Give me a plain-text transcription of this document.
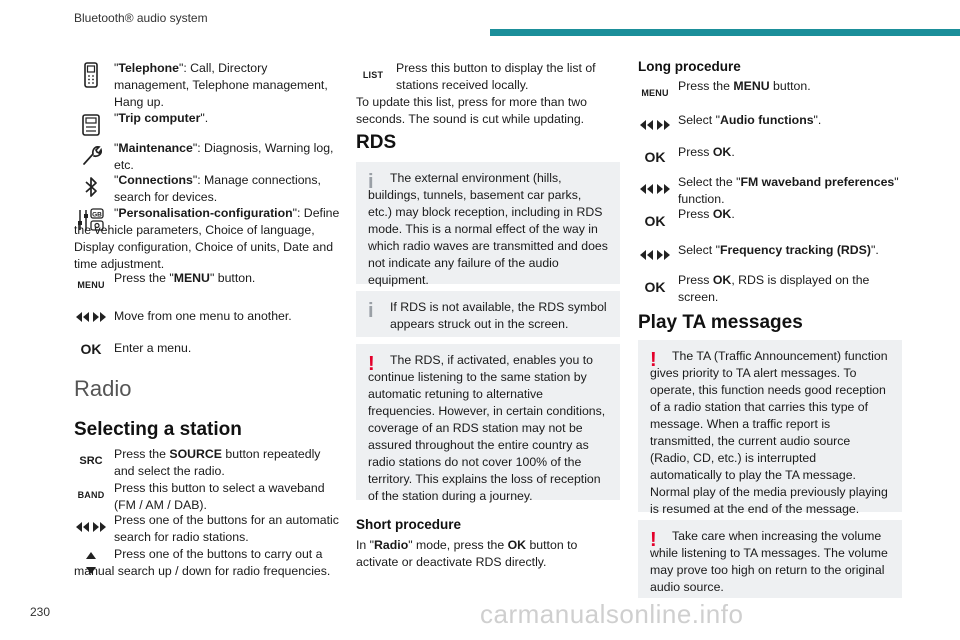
Bluetooth® audio system
"Telephone": Call, Directory management, Telephone management, Hang up.
"Trip computer".
"Maintenance": Diagnosis, Warning log, etc.
"Connections": Manage connections, search for devices.
GB "Personalisation-configuration": Define the vehicle parameters, Choice of language, Display configuration, Choice of units, Date and time adjustment.
MENU Press the "MENU" button.
Move from one menu to another.
OK Enter a menu.
Radio
Selecting a station
SRC Press the SOURCE button repeatedly and select the radio.
BAND Press this button to select a waveband (FM / AM / DAB).
Press one of the buttons for an automatic search for radio stations.
Press one of the buttons to carry out a manual search up / down for radio frequencies.
LIST Press this button to display the list of stations received locally.
To update this list, press for more than two seconds. The sound is cut while updating.
RDS
i	The external environment (hills, buildings, tunnels, basement car parks, etc.) may block reception, including in RDS mode. This is a normal effect of the way in which radio waves are transmitted and does not indicate any failure of the audio equipment.

i	If RDS is not available, the RDS symbol appears struck out in the screen.

!	The RDS, if activated, enables you to continue listening to the same station by automatic retuning to alternative frequencies. However, in certain conditions, coverage of an RDS station may not be assured throughout the entire country as radio stations do not cover 100% of the territory. This explains the loss of reception of the station during a journey.

Short procedure
In "Radio" mode, press the OK button to activate or deactivate RDS directly.
Long procedure
MENU Press the MENU button.
Select "Audio functions".
OK Press OK.
Select the "FM waveband preferences" function.
OK Press OK.
Select "Frequency tracking (RDS)".
OK Press OK, RDS is displayed on the screen.
Play TA messages
!	The TA (Traffic Announcement) function gives priority to TA alert messages. To operate, this function needs good reception of a radio station that carries this type of message. When a traffic report is transmitted, the current audio source (Radio, CD, etc.) is interrupted automatically to play the TA message. Normal play of the media previously playing is resumed at the end of the message.

!	Take care when increasing the volume while listening to TA messages. The volume may prove too high on return to the original audio source.

230	carmanualsonline.info
